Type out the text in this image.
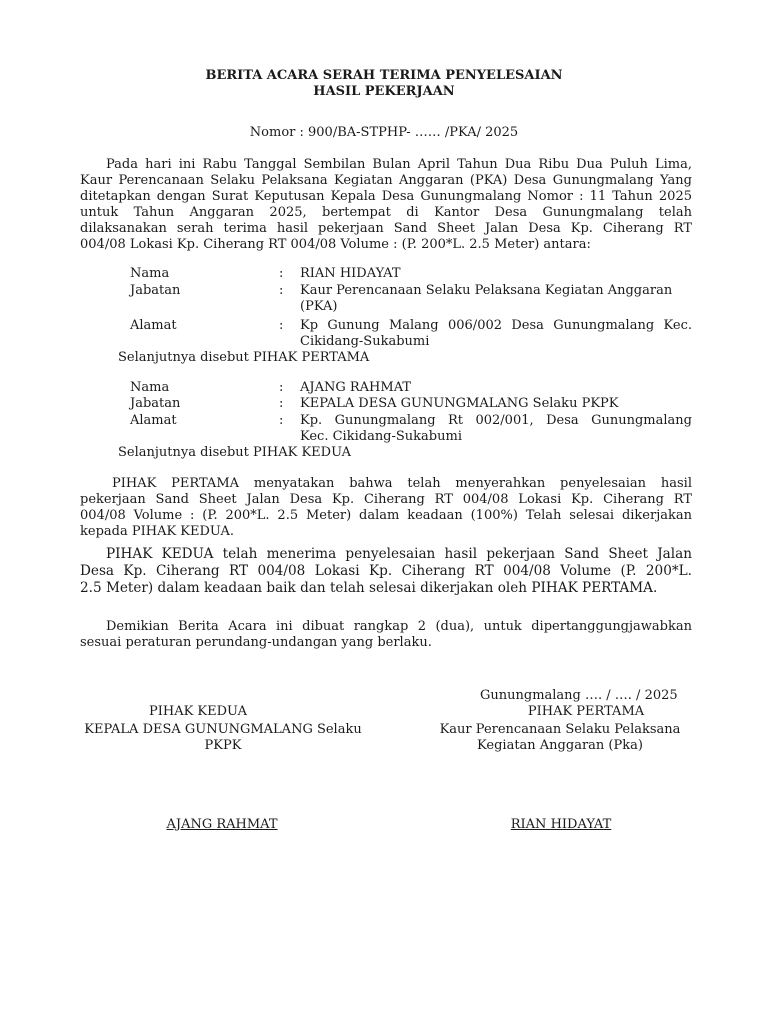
BERITA ACARA SERAH TERIMA PENYELESAIAN
HASIL PEKERJAAN
Nomor : 900/BA-STPHP- …… /PKA/ 2025
Pada hari ini Rabu Tanggal Sembilan Bulan April Tahun Dua Ribu Dua Puluh Lima,
Kaur Perencanaan Selaku Pelaksana Kegiatan Anggaran (PKA) Desa Gunungmalang Yang
ditetapkan dengan Surat Keputusan Kepala Desa Gunungmalang Nomor : 11 Tahun 2025
untuk Tahun Anggaran 2025, bertempat di Kantor Desa Gunungmalang telah
dilaksanakan serah terima hasil pekerjaan Sand Sheet Jalan Desa Kp. Ciherang RT
004/08 Lokasi Kp. Ciherang RT 004/08 Volume : (P. 200*L. 2.5 Meter) antara:
Nama	: RIAN HIDAYAT
Jabatan	: Kaur Perencanaan Selaku Pelaksana Kegiatan Anggaran
(PKA)
Alamat	: Kp Gunung Malang 006/002 Desa Gunungmalang Kec.
Cikidang-Sukabumi
Selanjutnya disebut PIHAK PERTAMA
Nama	: AJANG RAHMAT
Jabatan	: KEPALA DESA GUNUNGMALANG Selaku PKPK
Alamat	: Kp. Gunungmalang Rt 002/001, Desa Gunungmalang
Kec. Cikidang-Sukabumi
Selanjutnya disebut PIHAK KEDUA
PIHAK PERTAMA menyatakan bahwa telah menyerahkan penyelesaian hasil
pekerjaan Sand Sheet Jalan Desa Kp. Ciherang RT 004/08 Lokasi Kp. Ciherang RT
004/08 Volume : (P. 200*L. 2.5 Meter) dalam keadaan (100%) Telah selesai dikerjakan
kepada PIHAK KEDUA.
PIHAK KEDUA telah menerima penyelesaian hasil pekerjaan Sand Sheet Jalan
Desa Kp. Ciherang RT 004/08 Lokasi Kp. Ciherang RT 004/08 Volume (P. 200*L.
2.5 Meter) dalam keadaan baik dan telah selesai dikerjakan oleh PIHAK PERTAMA.
Demikian Berita Acara ini dibuat rangkap 2 (dua), untuk dipertanggungjawabkan
sesuai peraturan perundang-undangan yang berlaku.
Gunungmalang …. / …. / 2025
PIHAK KEDUA
KEPALA DESA GUNUNGMALANG Selaku
PKPK
PIHAK PERTAMA
Kaur Perencanaan Selaku Pelaksana
Kegiatan Anggaran (Pka)
AJANG RAHMAT	RIAN HIDAYAT
